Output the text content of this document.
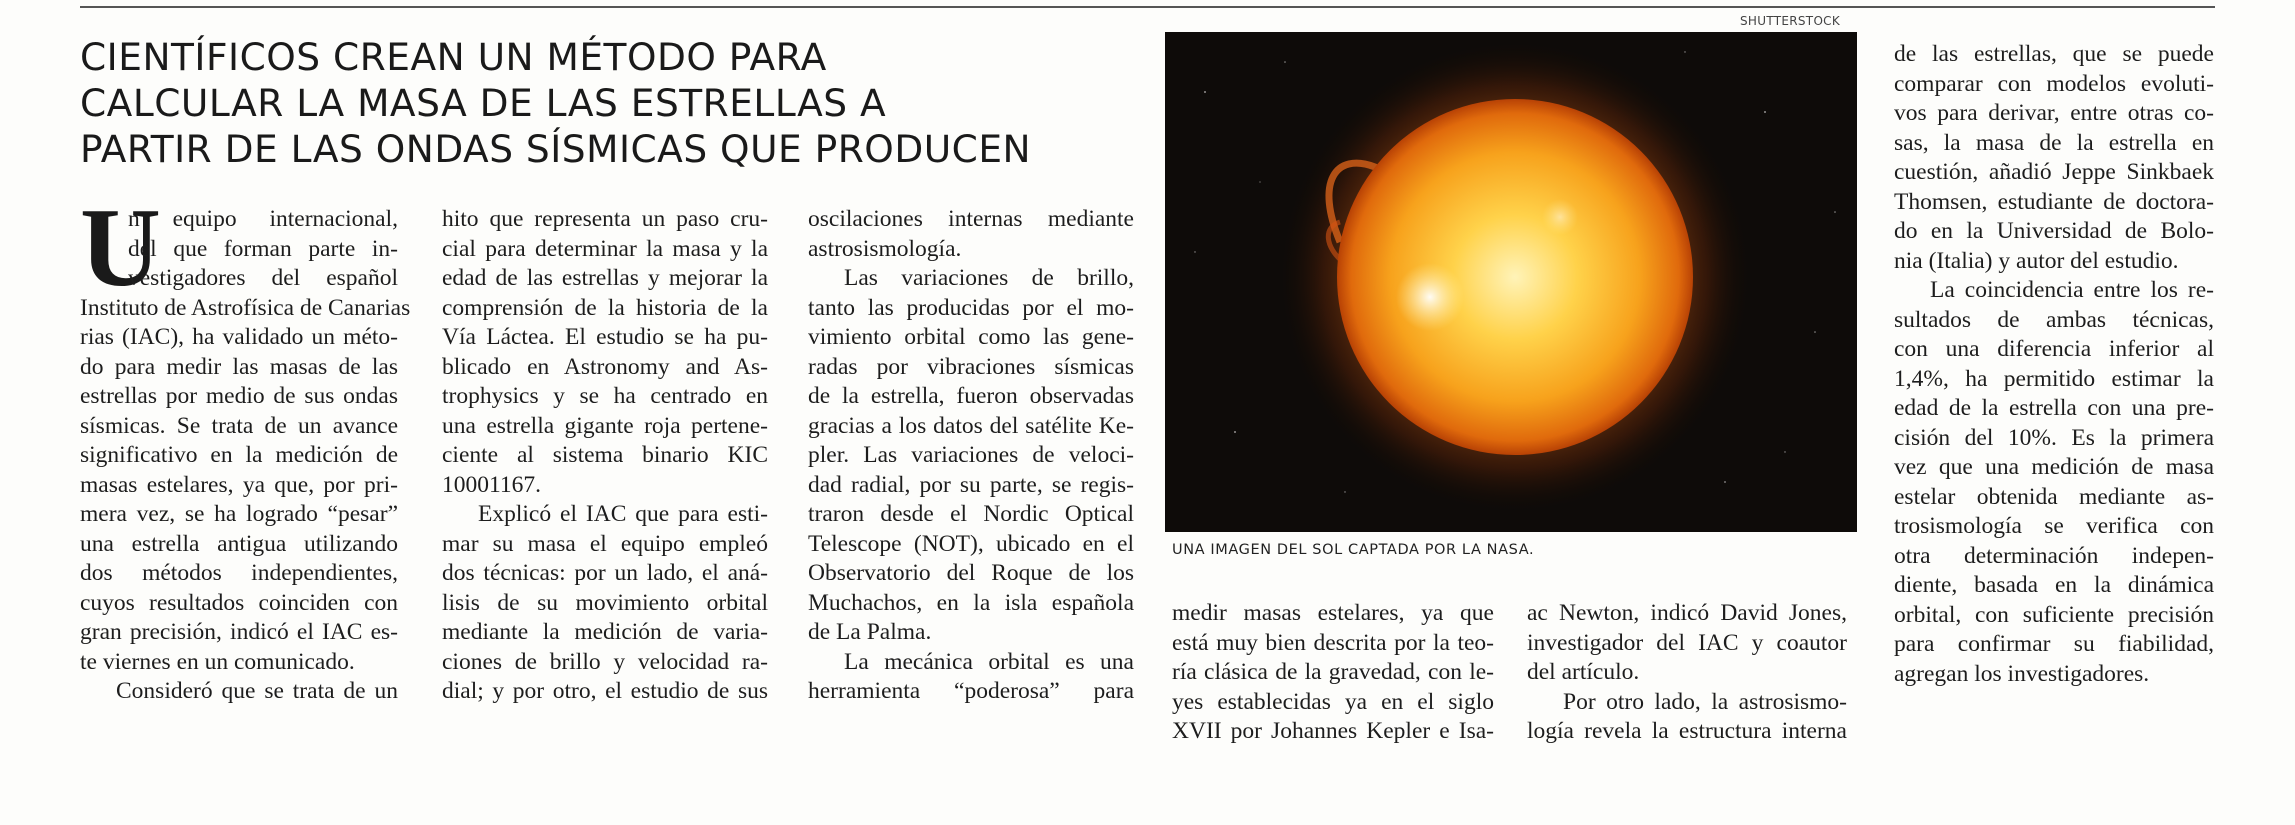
CIENTÍFICOS CREAN UN MÉTODO PARA
CALCULAR LA MASA DE LAS ESTRELLAS A
PARTIR DE LAS ONDAS SÍSMICAS QUE PRODUCEN
SHUTTERSTOCK
UNA IMAGEN DEL SOL CAPTADA POR LA NASA.
U
n equipo internacional,
del que forman parte in-
vestigadores del español
Instituto de Astrofísica de Canarias
rias (IAC), ha validado un méto-
do para medir las masas de las
estrellas por medio de sus ondas
sísmicas. Se trata de un avance
significativo en la medición de
masas estelares, ya que, por pri-
mera vez, se ha logrado “pesar”
una estrella antigua utilizando
dos métodos independientes,
cuyos resultados coinciden con
gran precisión, indicó el IAC es-
te viernes en un comunicado.
Consideró que se trata de un
hito que representa un paso cru-
cial para determinar la masa y la
edad de las estrellas y mejorar la
comprensión de la historia de la
Vía Láctea. El estudio se ha pu-
blicado en Astronomy and As-
trophysics y se ha centrado en
una estrella gigante roja pertene-
ciente al sistema binario KIC
10001167.
Explicó el IAC que para esti-
mar su masa el equipo empleó
dos técnicas: por un lado, el aná-
lisis de su movimiento orbital
mediante la medición de varia-
ciones de brillo y velocidad ra-
dial; y por otro, el estudio de sus
oscilaciones internas mediante
astrosismología.
Las variaciones de brillo,
tanto las producidas por el mo-
vimiento orbital como las gene-
radas por vibraciones sísmicas
de la estrella, fueron observadas
gracias a los datos del satélite Ke-
pler. Las variaciones de veloci-
dad radial, por su parte, se regis-
traron desde el Nordic Optical
Telescope (NOT), ubicado en el
Observatorio del Roque de los
Muchachos, en la isla española
de La Palma.
La mecánica orbital es una
herramienta “poderosa” para
medir masas estelares, ya que
está muy bien descrita por la teo-
ría clásica de la gravedad, con le-
yes establecidas ya en el siglo
XVII por Johannes Kepler e Isa-
ac Newton, indicó David Jones,
investigador del IAC y coautor
del artículo.
Por otro lado, la astrosismo-
logía revela la estructura interna
de las estrellas, que se puede
comparar con modelos evoluti-
vos para derivar, entre otras co-
sas, la masa de la estrella en
cuestión, añadió Jeppe Sinkbaek
Thomsen, estudiante de doctora-
do en la Universidad de Bolo-
nia (Italia) y autor del estudio.
La coincidencia entre los re-
sultados de ambas técnicas,
con una diferencia inferior al
1,4%, ha permitido estimar la
edad de la estrella con una pre-
cisión del 10%. Es la primera
vez que una medición de masa
estelar obtenida mediante as-
trosismología se verifica con
otra determinación indepen-
diente, basada en la dinámica
orbital, con suficiente precisión
para confirmar su fiabilidad,
agregan los investigadores.
